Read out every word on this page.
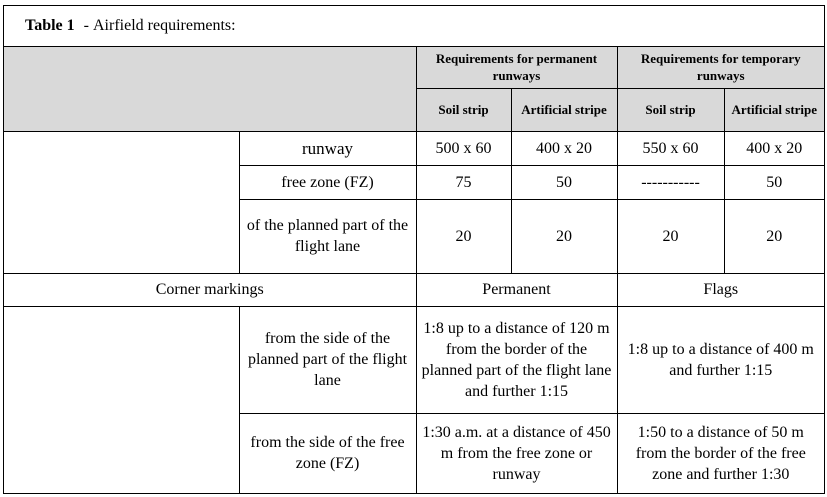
Table 1 - Airfield requirements:
		Requirements for permanent runways		Requirements for temporary runways	
		Soil strip	Artificial stripe	Soil strip	Artificial stripe
	runway	500 x 60	400 x 20	550 x 60	400 x 20
	free zone (FZ)	75	50	-----------	50
	of the planned part of the flight lane	20	20	20	20
Corner markings		Permanent		Flags	
	from the side of the planned part of the flight lane	1:8 up to a distance of 120 m from the border of the planned part of the flight lane and further 1:15		1:8 up to a distance of 400 m and further 1:15	
	from the side of the free zone (FZ)	1:30 a.m. at a distance of 450 m from the free zone or runway		1:50 to a distance of 50 m from the border of the free zone and further 1:30	
